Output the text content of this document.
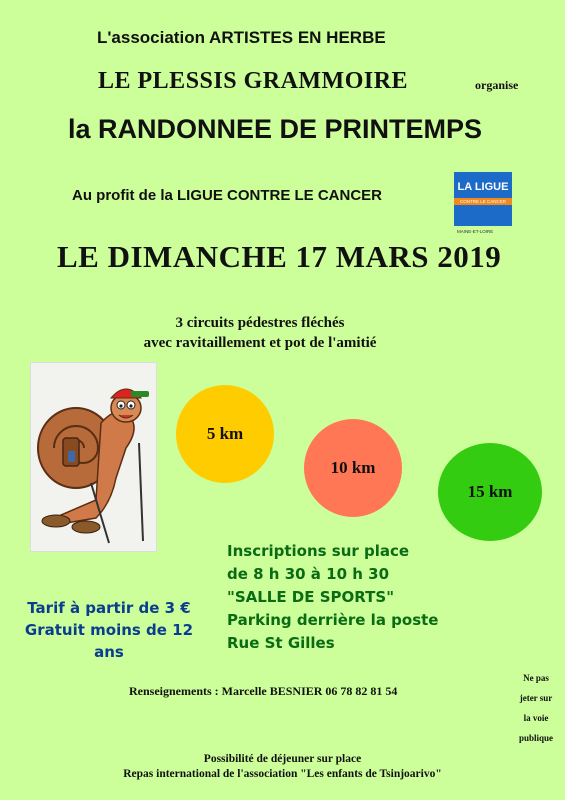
L'association ARTISTES EN HERBE
LE PLESSIS GRAMMOIRE	organise
la RANDONNEE DE PRINTEMPS
Au profit de la LIGUE CONTRE LE CANCER	LA LIGUE
CONTRE LE CANCER
MAINE-ET-LOIRE
LE DIMANCHE 17 MARS 2019
3 circuits pédestres fléchés
avec ravitaillement et pot de l'amitié
5 km
10 km
15 km
Inscriptions sur place
de 8 h 30 à 10 h 30
"SALLE DE SPORTS"
Parking derrière la poste
Rue St Gilles
Tarif à partir de 3 €
Gratuit moins de 12 ans
Renseignements : Marcelle BESNIER 06 78 82 81 54
Ne pas
jeter sur
la voie
publique
Possibilité de déjeuner sur place
Repas international de l'association "Les enfants de Tsinjoarivo"
